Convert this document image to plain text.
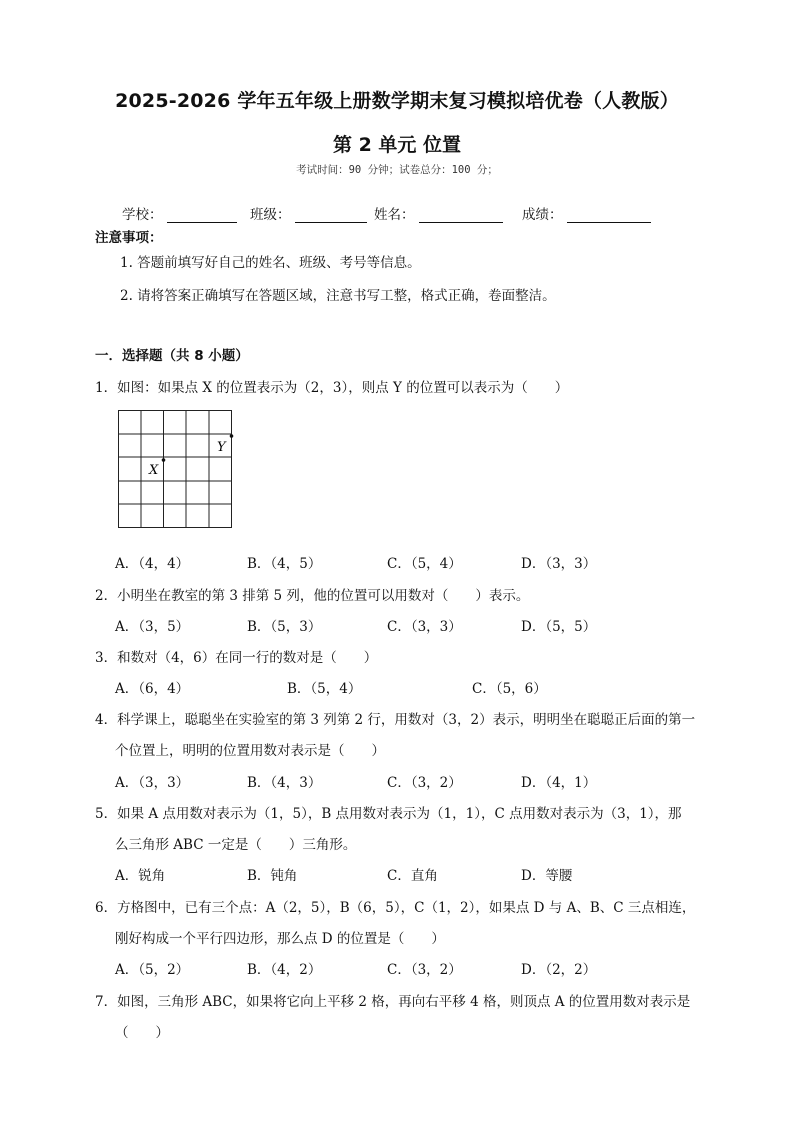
2025-2026 学年五年级上册数学期末复习模拟培优卷（人教版）
第 2 单元 位置
考试时间：90 分钟；试卷总分：100 分；
学校：	班级：	姓名：	成绩：
注意事项：
1. 答题前填写好自己的姓名、班级、考号等信息。
2. 请将答案正确填写在答题区域，注意书写工整，格式正确，卷面整洁。
一．选择题（共 8 小题）
1．如图：如果点 X 的位置表示为（2，3），则点 Y 的位置可以表示为（　　）
X
Y
A．（4，4）	B．（4，5）	C．（5，4）	D．（3，3）
2．小明坐在教室的第 3 排第 5 列，他的位置可以用数对（　　）表示。
A．（3，5）	B．（5，3）	C．（3，3）	D．（5，5）
3．和数对（4，6）在同一行的数对是（　　）
A．（6，4）	B．（5，4）	C．（5，6）
4．科学课上，聪聪坐在实验室的第 3 列第 2 行，用数对（3，2）表示，明明坐在聪聪正后面的第一
个位置上，明明的位置用数对表示是（　　）
A．（3，3）	B．（4，3）	C．（3，2）	D．（4，1）
5．如果 A 点用数对表示为（1，5），B 点用数对表示为（1，1），C 点用数对表示为（3，1），那
么三角形 ABC 一定是（　　）三角形。
A．锐角	B．钝角	C．直角	D．等腰
6．方格图中，已有三个点：A（2，5），B（6，5），C（1，2），如果点 D 与 A、B、C 三点相连，
刚好构成一个平行四边形，那么点 D 的位置是（　　）
A．（5，2）	B．（4，2）	C．（3，2）	D．（2，2）
7．如图，三角形 ABC，如果将它向上平移 2 格，再向右平移 4 格，则顶点 A 的位置用数对表示是
（　　）
